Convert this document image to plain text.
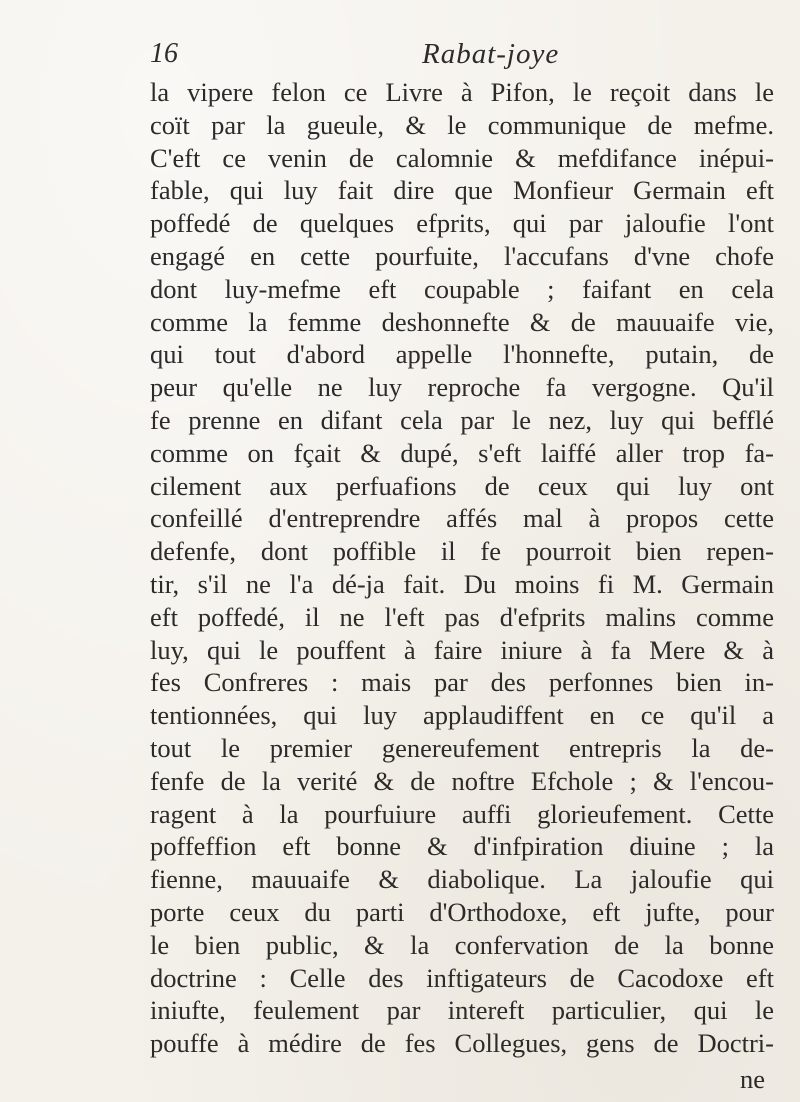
16	Rabat-joye
la vipere felon ce Livre à Pifon, le reçoit dans le
coït par la gueule, & le communique de mefme.
C'eft ce venin de calomnie & mefdifance inépui-
fable, qui luy fait dire que Monfieur Germain eft
poffedé de quelques efprits, qui par jaloufie l'ont
engagé en cette pourfuite, l'accufans d'vne chofe
dont luy-mefme eft coupable ; faifant en cela
comme la femme deshonnefte & de mauuaife vie,
qui tout d'abord appelle l'honnefte, putain, de
peur qu'elle ne luy reproche fa vergogne. Qu'il
fe prenne en difant cela par le nez, luy qui befflé
comme on fçait & dupé, s'eft laiffé aller trop fa-
cilement aux perfuafions de ceux qui luy ont
confeillé d'entreprendre affés mal à propos cette
defenfe, dont poffible il fe pourroit bien repen-
tir, s'il ne l'a dé-ja fait. Du moins fi M. Germain
eft poffedé, il ne l'eft pas d'efprits malins comme
luy, qui le pouffent à faire iniure à fa Mere & à
fes Confreres : mais par des perfonnes bien in-
tentionnées, qui luy applaudiffent en ce qu'il a
tout le premier genereufement entrepris la de-
fenfe de la verité & de noftre Efchole ; & l'encou-
ragent à la pourfuiure auffi glorieufement. Cette
poffeffion eft bonne & d'infpiration diuine ; la
fienne, mauuaife & diabolique. La jaloufie qui
porte ceux du parti d'Orthodoxe, eft jufte, pour
le bien public, & la confervation de la bonne
doctrine : Celle des inftigateurs de Cacodoxe eft
iniufte, feulement par intereft particulier, qui le
pouffe à médire de fes Collegues, gens de Doctri-
ne
